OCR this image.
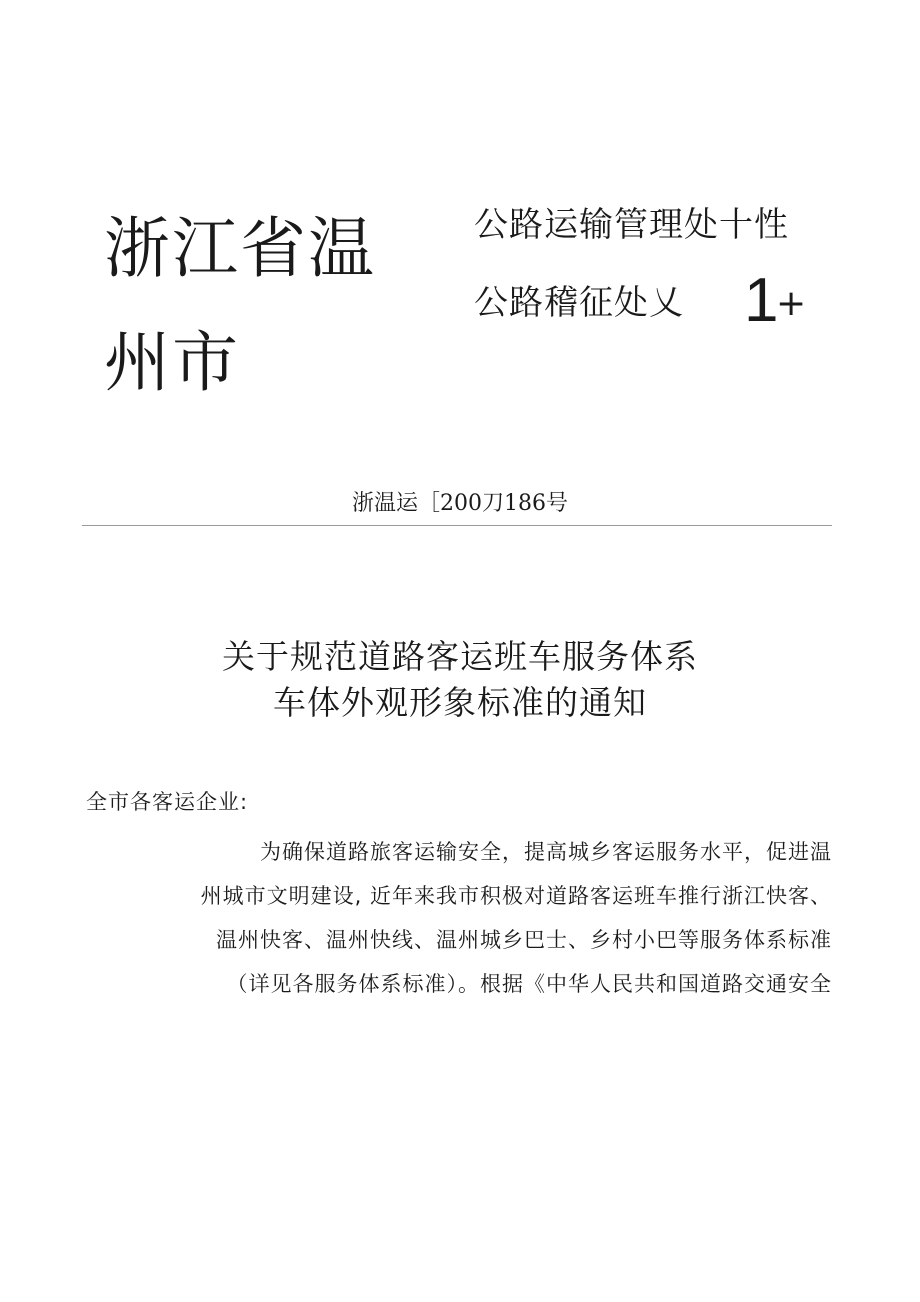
浙江省温
州市
公路运输管理处十性
公路稽征处乂 1
+
浙温运［200刀186号
关于规范道路客运班车服务体系
车体外观形象标准的通知
全市各客运企业:
为确保道路旅客运输安全，提高城乡客运服务水平，促进温
州城市文明建设, 近年来我市积极对道路客运班车推行浙江快客、
温州快客、温州快线、温州城乡巴士、乡村小巴等服务体系标准
（详见各服务体系标准）。根据《中华人民共和国道路交通安全
